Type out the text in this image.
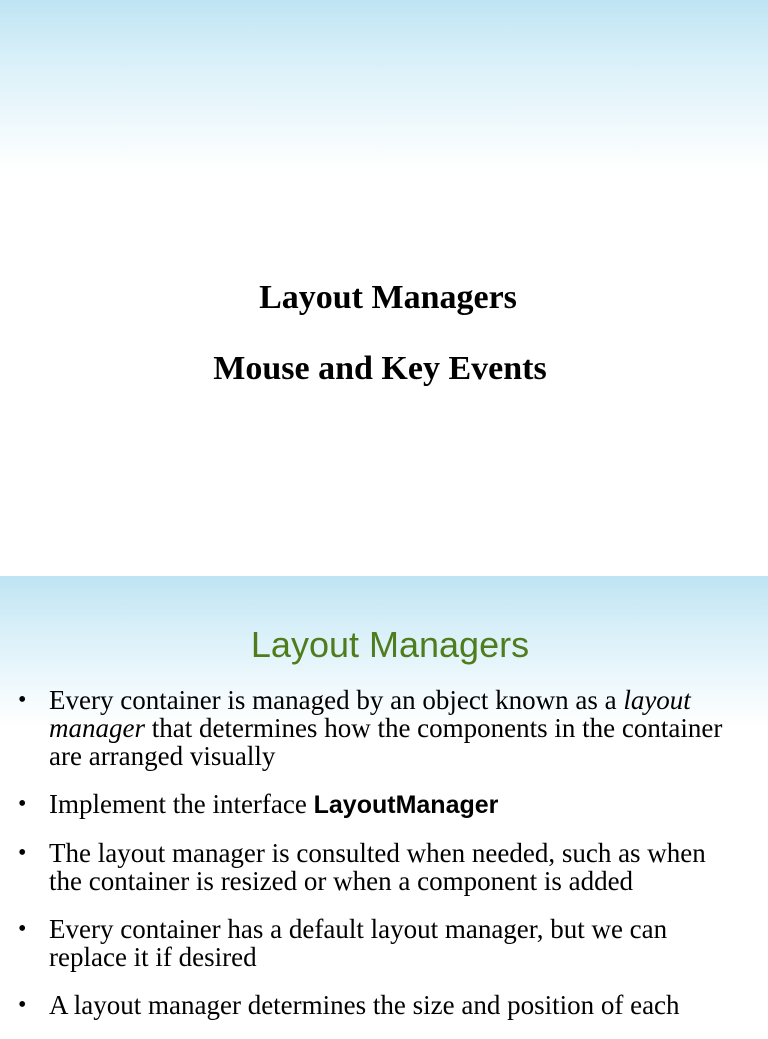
Layout Managers
Mouse and Key Events
Layout Managers
• Every container is managed by an object known as a layout manager that determines how the components in the container are arranged visually
• Implement the interface LayoutManager
• The layout manager is consulted when needed, such as when the container is resized or when a component is added
• Every container has a default layout manager, but we can replace it if desired
• A layout manager determines the size and position of each
